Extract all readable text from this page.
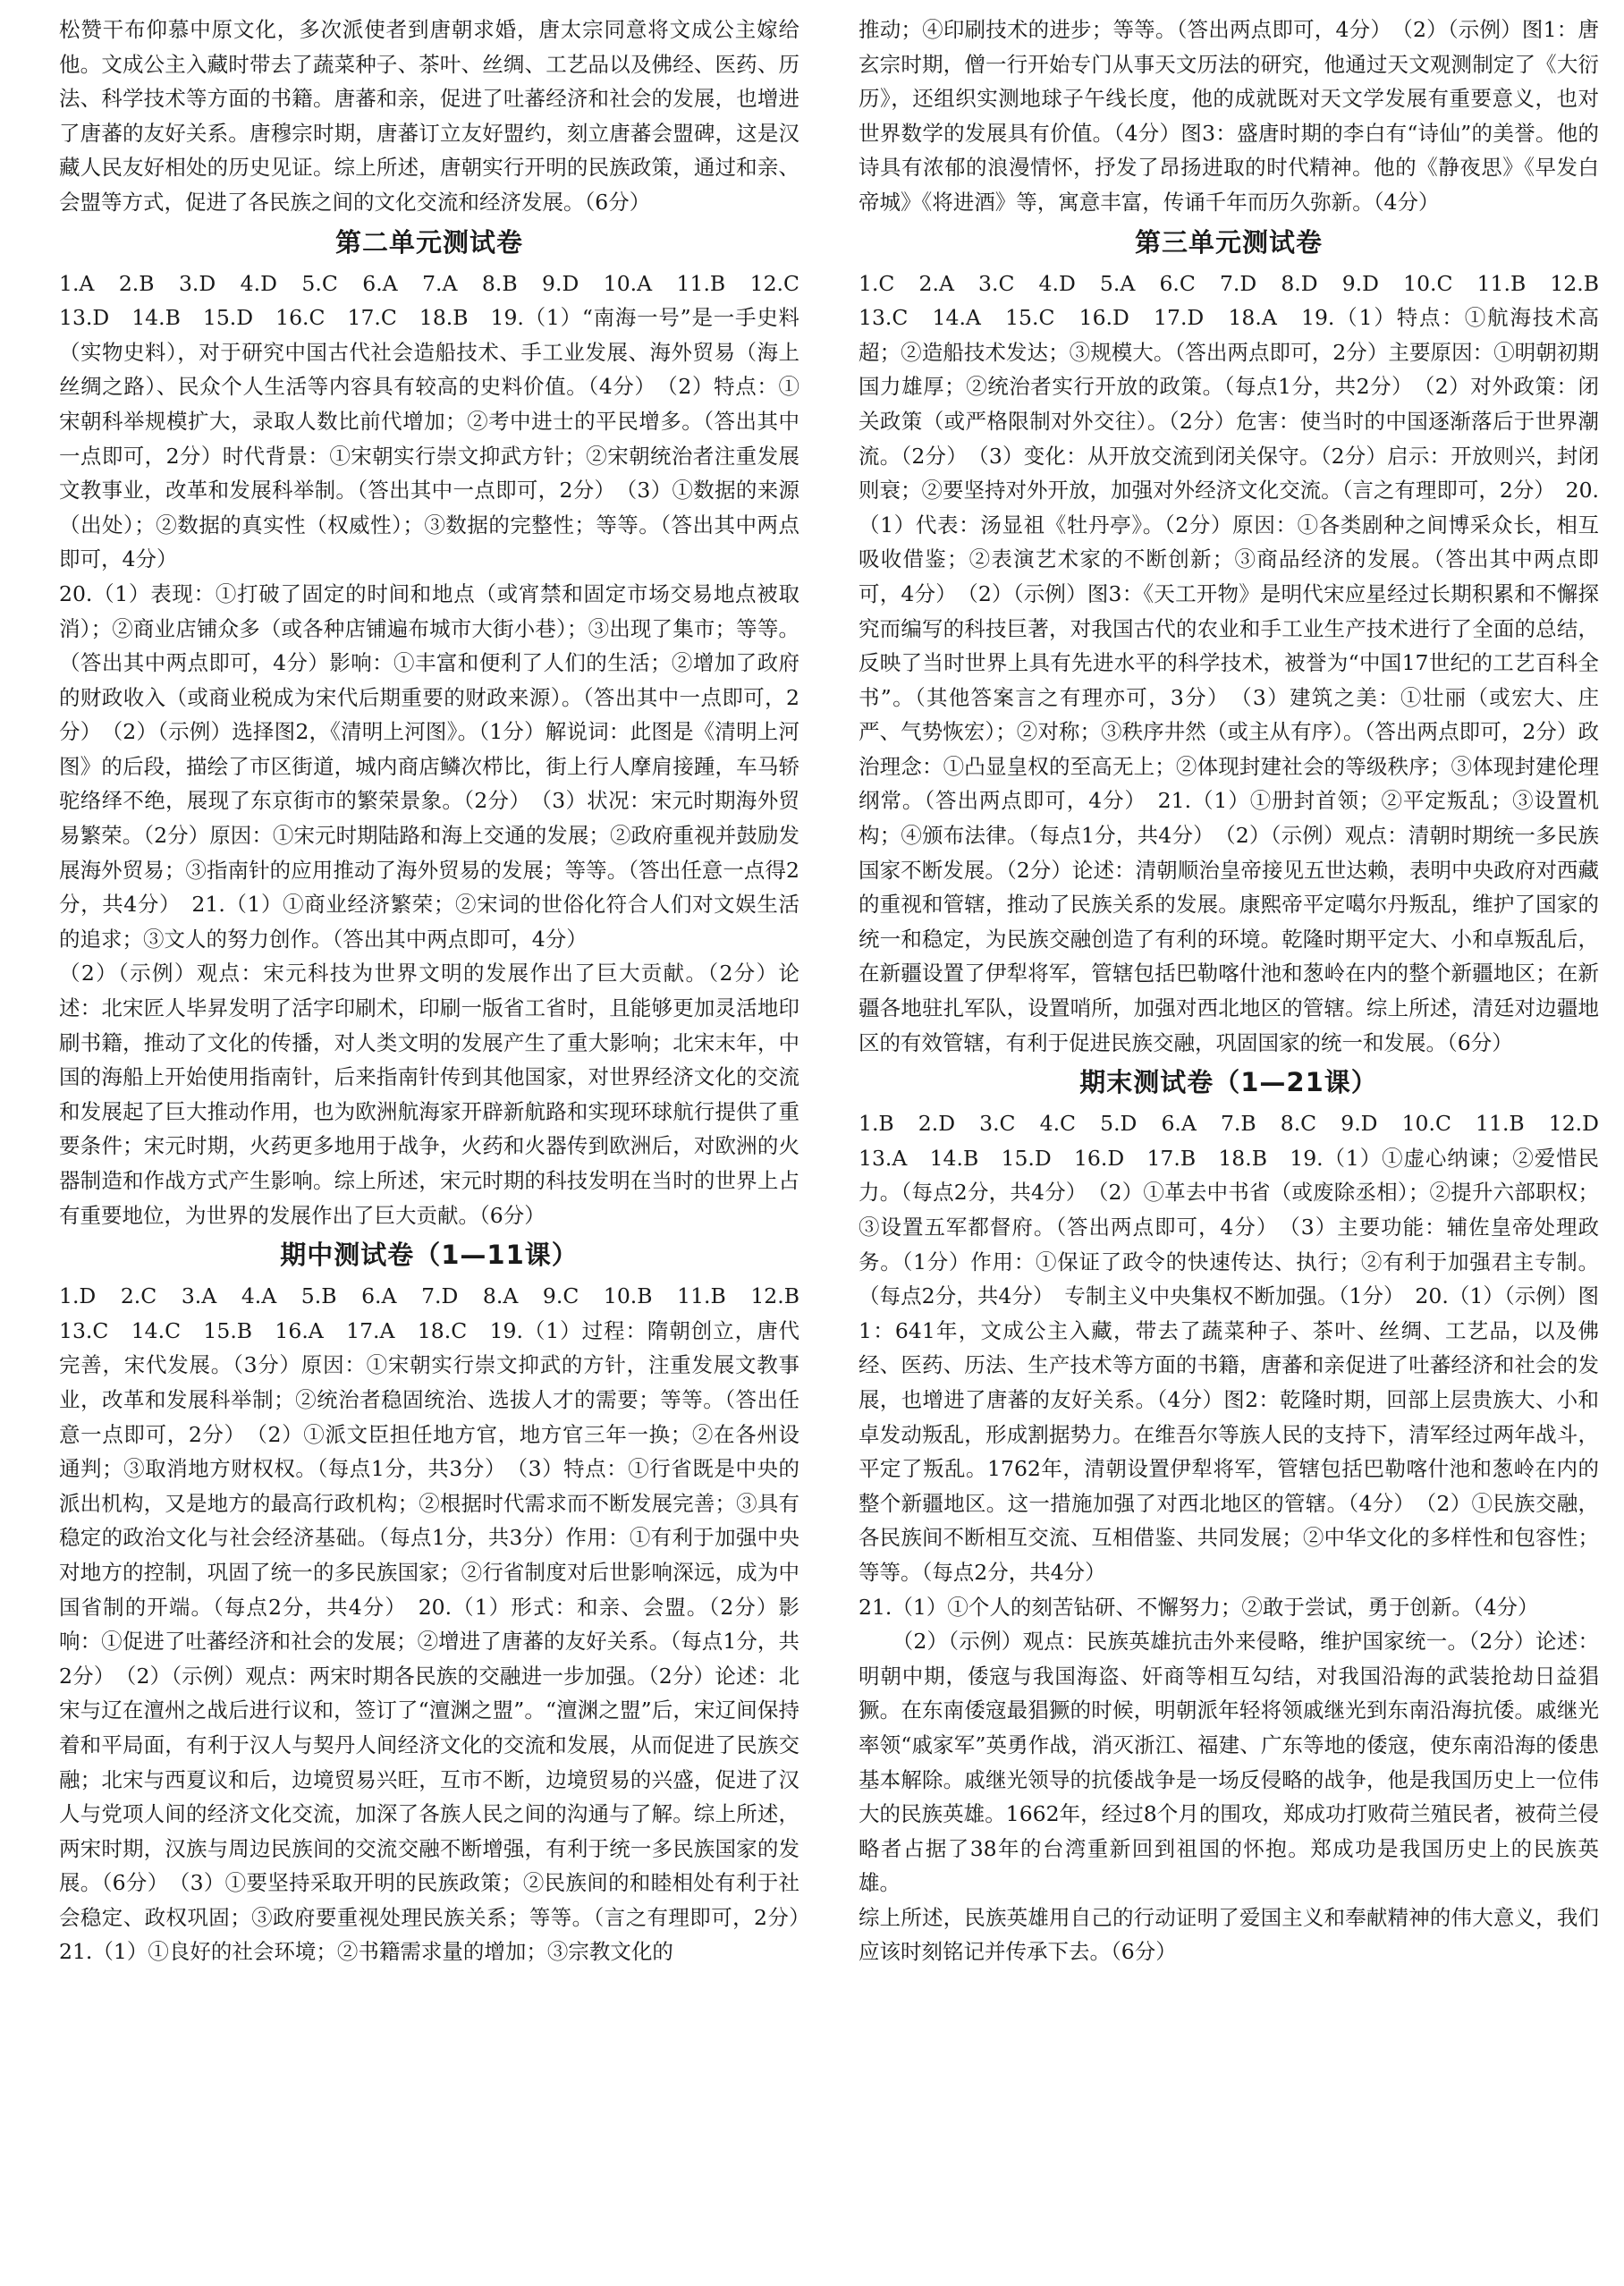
松赞干布仰慕中原文化，多次派使者到唐朝求婚，唐太宗同意将文成公主嫁给他。文成公主入藏时带去了蔬菜种子、茶叶、丝绸、工艺品以及佛经、医药、历法、科学技术等方面的书籍。唐蕃和亲，促进了吐蕃经济和社会的发展，也增进了唐蕃的友好关系。唐穆宗时期，唐蕃订立友好盟约，刻立唐蕃会盟碑，这是汉藏人民友好相处的历史见证。综上所述，唐朝实行开明的民族政策，通过和亲、会盟等方式，促进了各民族之间的文化交流和经济发展。（6分）

第二单元测试卷

1.A　2.B　3.D　4.D　5.C　6.A　7.A　8.B　9.D　10.A　11.B　12.C　13.D　14.B　15.D　16.C　17.C　18.B　19.（1）“南海一号”是一手史料（实物史料），对于研究中国古代社会造船技术、手工业发展、海外贸易（海上丝绸之路）、民众个人生活等内容具有较高的史料价值。（4分）　（2）特点：①宋朝科举规模扩大，录取人数比前代增加；②考中进士的平民增多。（答出其中一点即可，2分）时代背景：①宋朝实行崇文抑武方针；②宋朝统治者注重发展文教事业，改革和发展科举制。（答出其中一点即可，2分）　（3）①数据的来源（出处）；②数据的真实性（权威性）；③数据的完整性；等等。（答出其中两点即可，4分）

20.（1）表现：①打破了固定的时间和地点（或宵禁和固定市场交易地点被取消）；②商业店铺众多（或各种店铺遍布城市大街小巷）；③出现了集市；等等。（答出其中两点即可，4分）影响：①丰富和便利了人们的生活；②增加了政府的财政收入（或商业税成为宋代后期重要的财政来源）。（答出其中一点即可，2分）　（2）（示例）选择图2，《清明上河图》。（1分）解说词：此图是《清明上河图》的后段，描绘了市区街道，城内商店鳞次栉比，街上行人摩肩接踵，车马轿驼络绎不绝，展现了东京街市的繁荣景象。（2分）　（3）状况：宋元时期海外贸易繁荣。（2分）原因：①宋元时期陆路和海上交通的发展；②政府重视并鼓励发展海外贸易；③指南针的应用推动了海外贸易的发展；等等。（答出任意一点得2分，共4分）　21.（1）①商业经济繁荣；②宋词的世俗化符合人们对文娱生活的追求；③文人的努力创作。（答出其中两点即可，4分）

（2）（示例）观点：宋元科技为世界文明的发展作出了巨大贡献。（2分）论述：北宋匠人毕昇发明了活字印刷术，印刷一版省工省时，且能够更加灵活地印刷书籍，推动了文化的传播，对人类文明的发展产生了重大影响；北宋末年，中国的海船上开始使用指南针，后来指南针传到其他国家，对世界经济文化的交流和发展起了巨大推动作用，也为欧洲航海家开辟新航路和实现环球航行提供了重要条件；宋元时期，火药更多地用于战争，火药和火器传到欧洲后，对欧洲的火器制造和作战方式产生影响。综上所述，宋元时期的科技发明在当时的世界上占有重要地位，为世界的发展作出了巨大贡献。（6分）

期中测试卷（1—11课）

1.D　2.C　3.A　4.A　5.B　6.A　7.D　8.A　9.C　10.B　11.B　12.B　13.C　14.C　15.B　16.A　17.A　18.C　19.（1）过程：隋朝创立，唐代完善，宋代发展。（3分）原因：①宋朝实行崇文抑武的方针，注重发展文教事业，改革和发展科举制；②统治者稳固统治、选拔人才的需要；等等。（答出任意一点即可，2分）　（2）①派文臣担任地方官，地方官三年一换；②在各州设通判；③取消地方财权权。（每点1分，共3分）　（3）特点：①行省既是中央的派出机构，又是地方的最高行政机构；②根据时代需求而不断发展完善；③具有稳定的政治文化与社会经济基础。（每点1分，共3分）作用：①有利于加强中央对地方的控制，巩固了统一的多民族国家；②行省制度对后世影响深远，成为中国省制的开端。（每点2分，共4分）　20.（1）形式：和亲、会盟。（2分）影响：①促进了吐蕃经济和社会的发展；②增进了唐蕃的友好关系。（每点1分，共2分）　（2）（示例）观点：两宋时期各民族的交融进一步加强。（2分）论述：北宋与辽在澶州之战后进行议和，签订了“澶渊之盟”。“澶渊之盟”后，宋辽间保持着和平局面，有利于汉人与契丹人间经济文化的交流和发展，从而促进了民族交融；北宋与西夏议和后，边境贸易兴旺，互市不断，边境贸易的兴盛，促进了汉人与党项人间的经济文化交流，加深了各族人民之间的沟通与了解。综上所述，两宋时期，汉族与周边民族间的交流交融不断增强，有利于统一多民族国家的发展。（6分）　（3）①要坚持采取开明的民族政策；②民族间的和睦相处有利于社会稳定、政权巩固；③政府要重视处理民族关系；等等。（言之有理即可，2分）　21.（1）①良好的社会环境；②书籍需求量的增加；③宗教文化的

推动；④印刷技术的进步；等等。（答出两点即可，4分）　（2）（示例）图1：唐玄宗时期，僧一行开始专门从事天文历法的研究，他通过天文观测制定了《大衍历》，还组织实测地球子午线长度，他的成就既对天文学发展有重要意义，也对世界数学的发展具有价值。（4分）图3：盛唐时期的李白有“诗仙”的美誉。他的诗具有浓郁的浪漫情怀，抒发了昂扬进取的时代精神。他的《静夜思》《早发白帝城》《将进酒》等，寓意丰富，传诵千年而历久弥新。（4分）

第三单元测试卷

1.C　2.A　3.C　4.D　5.A　6.C　7.D　8.D　9.D　10.C　11.B　12.B　13.C　14.A　15.C　16.D　17.D　18.A　19.（1）特点：①航海技术高超；②造船技术发达；③规模大。（答出两点即可，2分）主要原因：①明朝初期国力雄厚；②统治者实行开放的政策。（每点1分，共2分）　（2）对外政策：闭关政策（或严格限制对外交往）。（2分）危害：使当时的中国逐渐落后于世界潮流。（2分）　（3）变化：从开放交流到闭关保守。（2分）启示：开放则兴，封闭则衰；②要坚持对外开放，加强对外经济文化交流。（言之有理即可，2分）　20.（1）代表：汤显祖《牡丹亭》。（2分）原因：①各类剧种之间博采众长，相互吸收借鉴；②表演艺术家的不断创新；③商品经济的发展。（答出其中两点即可，4分）　（2）（示例）图3：《天工开物》是明代宋应星经过长期积累和不懈探究而编写的科技巨著，对我国古代的农业和手工业生产技术进行了全面的总结，反映了当时世界上具有先进水平的科学技术，被誉为“中国17世纪的工艺百科全书”。（其他答案言之有理亦可，3分）　（3）建筑之美：①壮丽（或宏大、庄严、气势恢宏）；②对称；③秩序井然（或主从有序）。（答出两点即可，2分）政治理念：①凸显皇权的至高无上；②体现封建社会的等级秩序；③体现封建伦理纲常。（答出两点即可，4分）　21.（1）①册封首领；②平定叛乱；③设置机构；④颁布法律。（每点1分，共4分）　（2）（示例）观点：清朝时期统一多民族国家不断发展。（2分）论述：清朝顺治皇帝接见五世达赖，表明中央政府对西藏的重视和管辖，推动了民族关系的发展。康熙帝平定噶尔丹叛乱，维护了国家的统一和稳定，为民族交融创造了有利的环境。乾隆时期平定大、小和卓叛乱后，在新疆设置了伊犁将军，管辖包括巴勒喀什池和葱岭在内的整个新疆地区；在新疆各地驻扎军队，设置哨所，加强对西北地区的管辖。综上所述，清廷对边疆地区的有效管辖，有利于促进民族交融，巩固国家的统一和发展。（6分）

期末测试卷（1—21课）

1.B　2.D　3.C　4.C　5.D　6.A　7.B　8.C　9.D　10.C　11.B　12.D　13.A　14.B　15.D　16.D　17.B　18.B　19.（1）①虚心纳谏；②爱惜民力。（每点2分，共4分）　（2）①革去中书省（或废除丞相）；②提升六部职权；③设置五军都督府。（答出两点即可，4分）　（3）主要功能：辅佐皇帝处理政务。（1分）作用：①保证了政令的快速传达、执行；②有利于加强君主专制。（每点2分，共4分）　专制主义中央集权不断加强。（1分）　20.（1）（示例）图1：641年，文成公主入藏，带去了蔬菜种子、茶叶、丝绸、工艺品，以及佛经、医药、历法、生产技术等方面的书籍，唐蕃和亲促进了吐蕃经济和社会的发展，也增进了唐蕃的友好关系。（4分）图2：乾隆时期，回部上层贵族大、小和卓发动叛乱，形成割据势力。在维吾尔等族人民的支持下，清军经过两年战斗，平定了叛乱。1762年，清朝设置伊犁将军，管辖包括巴勒喀什池和葱岭在内的整个新疆地区。这一措施加强了对西北地区的管辖。（4分）　（2）①民族交融，各民族间不断相互交流、互相借鉴、共同发展；②中华文化的多样性和包容性；等等。（每点2分，共4分）

21.（1）①个人的刻苦钻研、不懈努力；②敢于尝试，勇于创新。（4分）

（2）（示例）观点：民族英雄抗击外来侵略，维护国家统一。（2分）论述：明朝中期，倭寇与我国海盗、奸商等相互勾结，对我国沿海的武装抢劫日益猖獗。在东南倭寇最猖獗的时候，明朝派年轻将领戚继光到东南沿海抗倭。戚继光率领“戚家军”英勇作战，消灭浙江、福建、广东等地的倭寇，使东南沿海的倭患基本解除。戚继光领导的抗倭战争是一场反侵略的战争，他是我国历史上一位伟大的民族英雄。1662年，经过8个月的围攻，郑成功打败荷兰殖民者，被荷兰侵略者占据了38年的台湾重新回到祖国的怀抱。郑成功是我国历史上的民族英雄。

综上所述，民族英雄用自己的行动证明了爱国主义和奉献精神的伟大意义，我们应该时刻铭记并传承下去。（6分）
